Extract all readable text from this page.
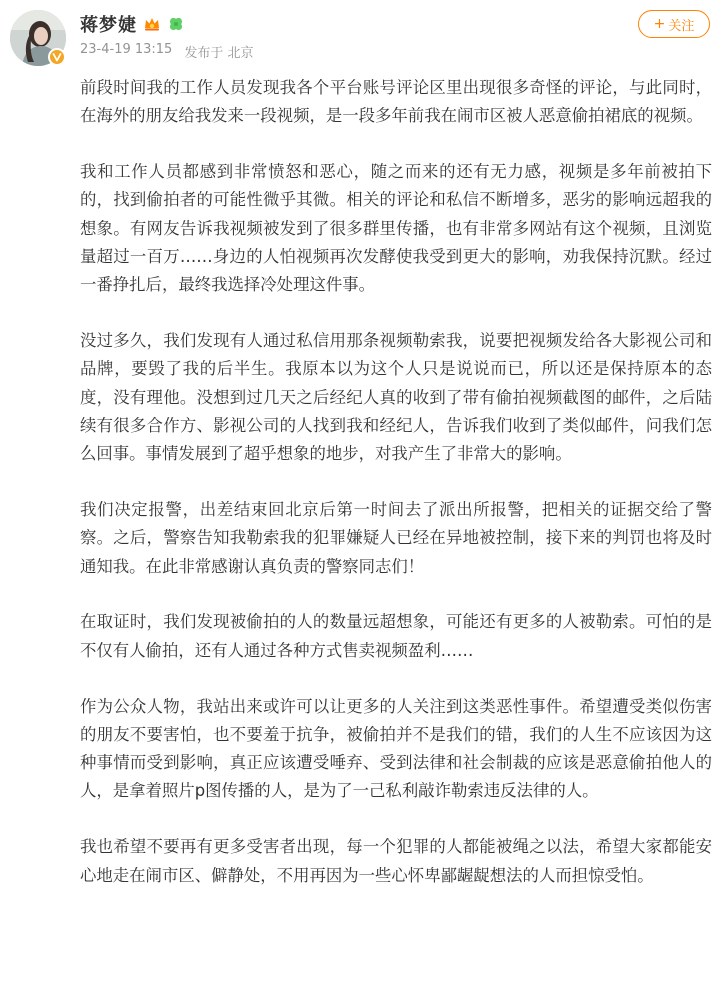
蒋梦婕
23-4-19 13:15 发布于 北京
+ 关注

前段时间我的工作人员发现我各个平台账号评论区里出现很多奇怪的评论，与此同时，在海外的朋友给我发来一段视频，是一段多年前我在闹市区被人恶意偷拍裙底的视频。

我和工作人员都感到非常愤怒和恶心，随之而来的还有无力感，视频是多年前被拍下的，找到偷拍者的可能性微乎其微。相关的评论和私信不断增多，恶劣的影响远超我的想象。有网友告诉我视频被发到了很多群里传播，也有非常多网站有这个视频，且浏览量超过一百万……身边的人怕视频再次发酵使我受到更大的影响，劝我保持沉默。经过一番挣扎后，最终我选择冷处理这件事。

没过多久，我们发现有人通过私信用那条视频勒索我，说要把视频发给各大影视公司和品牌，要毁了我的后半生。我原本以为这个人只是说说而已，所以还是保持原本的态度，没有理他。没想到过几天之后经纪人真的收到了带有偷拍视频截图的邮件，之后陆续有很多合作方、影视公司的人找到我和经纪人，告诉我们收到了类似邮件，问我们怎么回事。事情发展到了超乎想象的地步，对我产生了非常大的影响。

我们决定报警，出差结束回北京后第一时间去了派出所报警，把相关的证据交给了警察。之后，警察告知我勒索我的犯罪嫌疑人已经在异地被控制，接下来的判罚也将及时通知我。在此非常感谢认真负责的警察同志们！

在取证时，我们发现被偷拍的人的数量远超想象，可能还有更多的人被勒索。可怕的是不仅有人偷拍，还有人通过各种方式售卖视频盈利……

作为公众人物，我站出来或许可以让更多的人关注到这类恶性事件。希望遭受类似伤害的朋友不要害怕，也不要羞于抗争，被偷拍并不是我们的错，我们的人生不应该因为这种事情而受到影响，真正应该遭受唾弃、受到法律和社会制裁的应该是恶意偷拍他人的人，是拿着照片p图传播的人，是为了一己私利敲诈勒索违反法律的人。

我也希望不要再有更多受害者出现，每一个犯罪的人都能被绳之以法，希望大家都能安心地走在闹市区、僻静处，不用再因为一些心怀卑鄙龌龊想法的人而担惊受怕。
